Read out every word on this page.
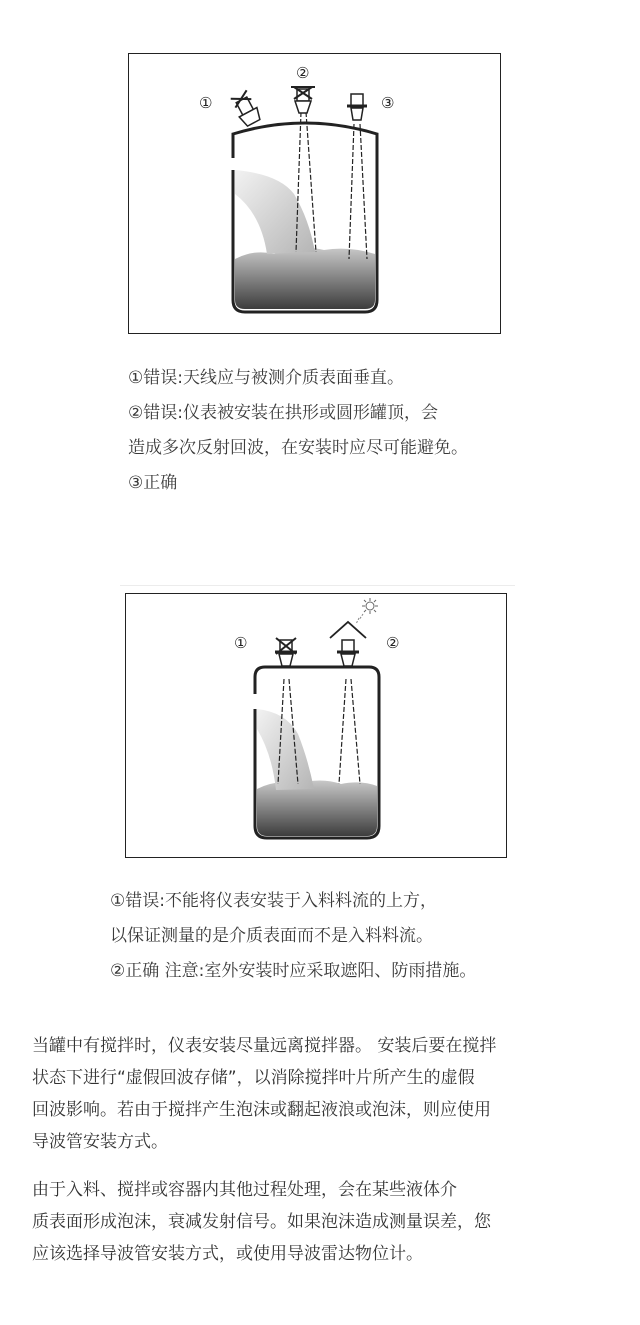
①
②
③
①错误:天线应与被测介质表面垂直。
②错误:仪表被安装在拱形或圆形罐顶，会
造成多次反射回波，在安装时应尽可能避免。
③正确
①	②
①错误:不能将仪表安装于入料料流的上方，
以保证测量的是介质表面而不是入料料流。
②正确 注意:室外安装时应采取遮阳、防雨措施。
当罐中有搅拌时，仪表安装尽量远离搅拌器。 安装后要在搅拌
状态下进行“虚假回波存储”，以消除搅拌叶片所产生的虚假
回波影响。若由于搅拌产生泡沫或翻起液浪或泡沫，则应使用
导波管安装方式。
由于入料、搅拌或容器内其他过程处理，会在某些液体介
质表面形成泡沫，衰减发射信号。如果泡沫造成测量误差，您
应该选择导波管安装方式，或使用导波雷达物位计。
